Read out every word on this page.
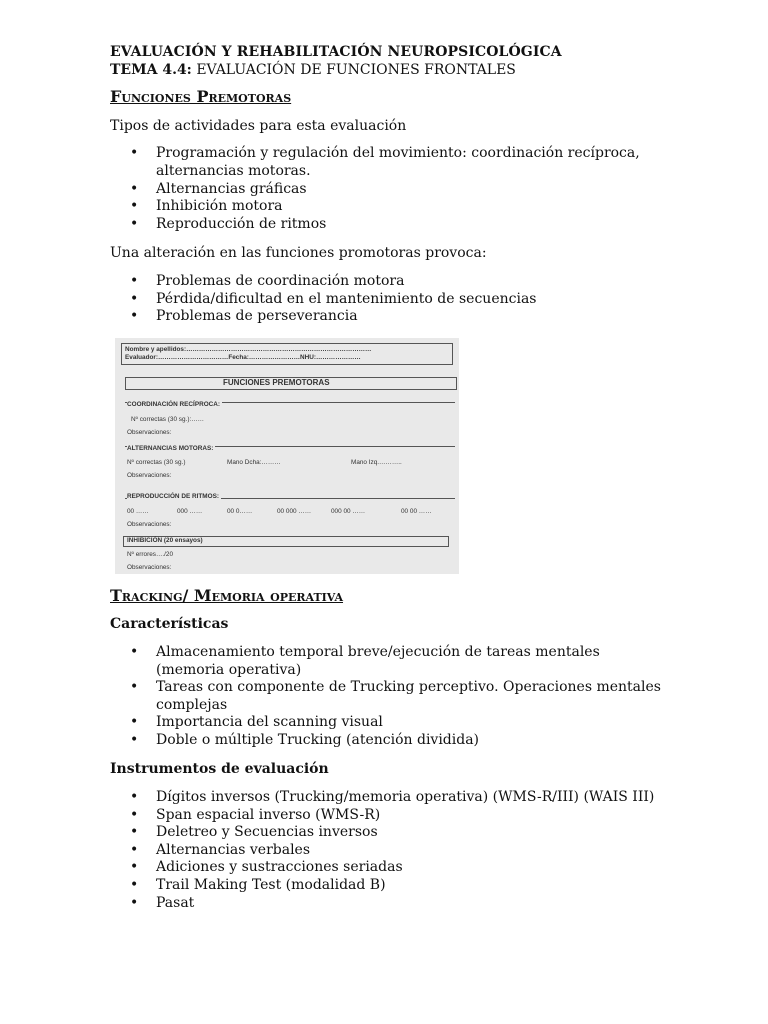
EVALUACIÓN Y REHABILITACIÓN NEUROPSICOLÓGICA
TEMA 4.4: EVALUACIÓN DE FUNCIONES FRONTALES
Funciones Premotoras

Tipos de actividades para esta evaluación

• Programación y regulación del movimiento: coordinación recíproca, alternancias motoras.
• Alternancias gráficas
• Inhibición motora
• Reproducción de ritmos

Una alteración en las funciones promotoras provoca:

• Problemas de coordinación motora
• Pérdida/dificultad en el mantenimiento de secuencias
• Problemas de perseverancia
Nombre y apellidos:……………………………………………………………………………
Evaluador:……………………………Fecha:……………………NHU:…………………
FUNCIONES PREMOTORAS
COORDINACIÓN RECÍPROCA:
Nº correctas (30 sg.):……
Observaciones:
ALTERNANCIAS MOTORAS:
Nº correctas (30 sg.)	Mano Dcha:………	Mano Izq.………..
Observaciones:
REPRODUCCIÓN DE RITMOS:
00 ……	000 ……	00 0……	00 000 ……	000 00 ……	00 00 ……
Observaciones:
INHIBICIÓN (20 ensayos)
Nº errores…./20
Observaciones:
Tracking/ Memoria operativa
Características
• Almacenamiento temporal breve/ejecución de tareas mentales (memoria operativa)
• Tareas con componente de Trucking perceptivo. Operaciones mentales complejas
• Importancia del scanning visual
• Doble o múltiple Trucking (atención dividida)
Instrumentos de evaluación
• Dígitos inversos (Trucking/memoria operativa) (WMS-R/III) (WAIS III)
• Span espacial inverso (WMS-R)
• Deletreo y Secuencias inversos
• Alternancias verbales
• Adiciones y sustracciones seriadas
• Trail Making Test (modalidad B)
• Pasat
